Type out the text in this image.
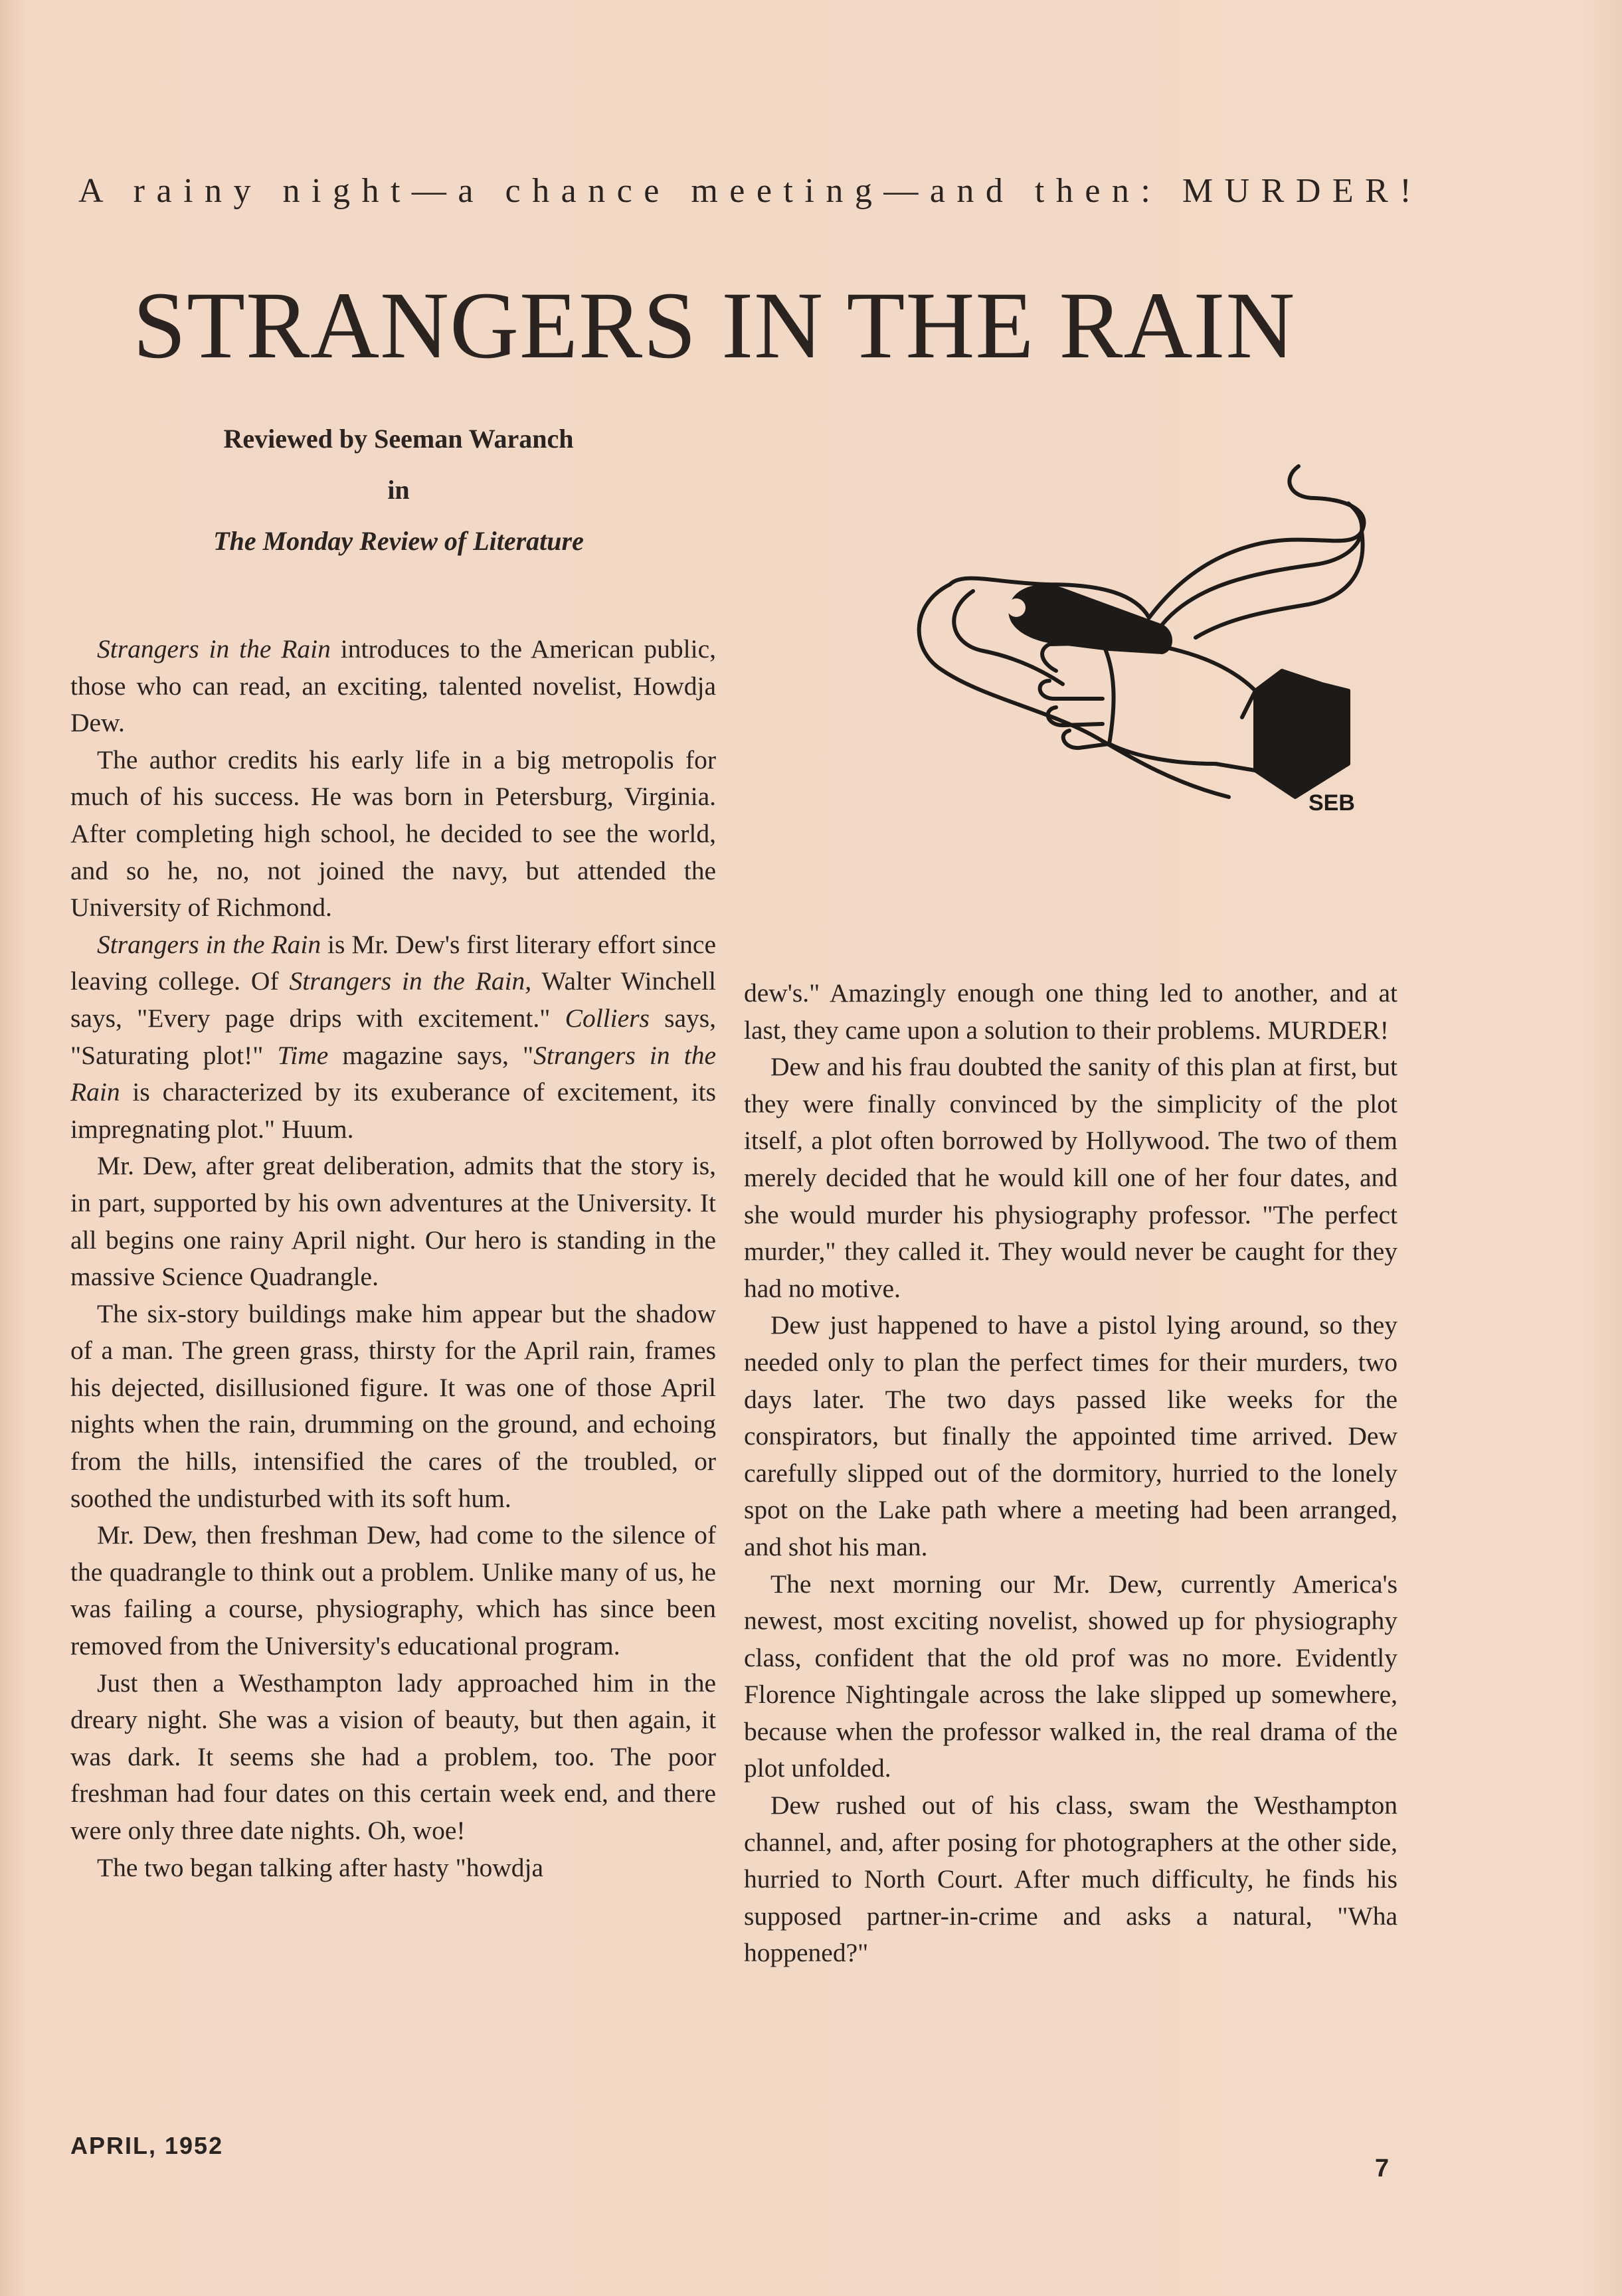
A rainy night—a chance meeting—and then: MURDER!
STRANGERS IN THE RAIN
Reviewed by Seeman Waranch
in
The Monday Review of Literature
SEB

Strangers in the Rain introduces to the American public, those who can read, an exciting, talented novelist, Howdja Dew.

The author credits his early life in a big metropolis for much of his success. He was born in Petersburg, Virginia. After completing high school, he decided to see the world, and so he, no, not joined the navy, but attended the University of Richmond.

Strangers in the Rain is Mr. Dew's first literary effort since leaving college. Of Strangers in the Rain, Walter Winchell says, "Every page drips with excitement." Colliers says, "Saturating plot!" Time magazine says, "Strangers in the Rain is characterized by its exuberance of excitement, its impregnating plot." Huum.

Mr. Dew, after great deliberation, admits that the story is, in part, supported by his own adventures at the University. It all begins one rainy April night. Our hero is standing in the massive Science Quadrangle.

The six-story buildings make him appear but the shadow of a man. The green grass, thirsty for the April rain, frames his dejected, disillusioned figure. It was one of those April nights when the rain, drumming on the ground, and echoing from the hills, intensified the cares of the troubled, or soothed the undisturbed with its soft hum.

Mr. Dew, then freshman Dew, had come to the silence of the quadrangle to think out a problem. Unlike many of us, he was failing a course, physiography, which has since been removed from the University's educational program.

Just then a Westhampton lady approached him in the dreary night. She was a vision of beauty, but then again, it was dark. It seems she had a problem, too. The poor freshman had four dates on this certain week end, and there were only three date nights. Oh, woe!

The two began talking after hasty "howdja

dew's." Amazingly enough one thing led to another, and at last, they came upon a solution to their problems. MURDER!

Dew and his frau doubted the sanity of this plan at first, but they were finally convinced by the simplicity of the plot itself, a plot often borrowed by Hollywood. The two of them merely decided that he would kill one of her four dates, and she would murder his physiography professor. "The perfect murder," they called it. They would never be caught for they had no motive.

Dew just happened to have a pistol lying around, so they needed only to plan the perfect times for their murders, two days later. The two days passed like weeks for the conspirators, but finally the appointed time arrived. Dew carefully slipped out of the dormitory, hurried to the lonely spot on the Lake path where a meeting had been arranged, and shot his man.

The next morning our Mr. Dew, currently America's newest, most exciting novelist, showed up for physiography class, confident that the old prof was no more. Evidently Florence Nightingale across the lake slipped up somewhere, because when the professor walked in, the real drama of the plot unfolded.

Dew rushed out of his class, swam the Westhampton channel, and, after posing for photographers at the other side, hurried to North Court. After much difficulty, he finds his supposed partner-in-crime and asks a natural, "Wha hoppened?"

APRIL, 1952
7
